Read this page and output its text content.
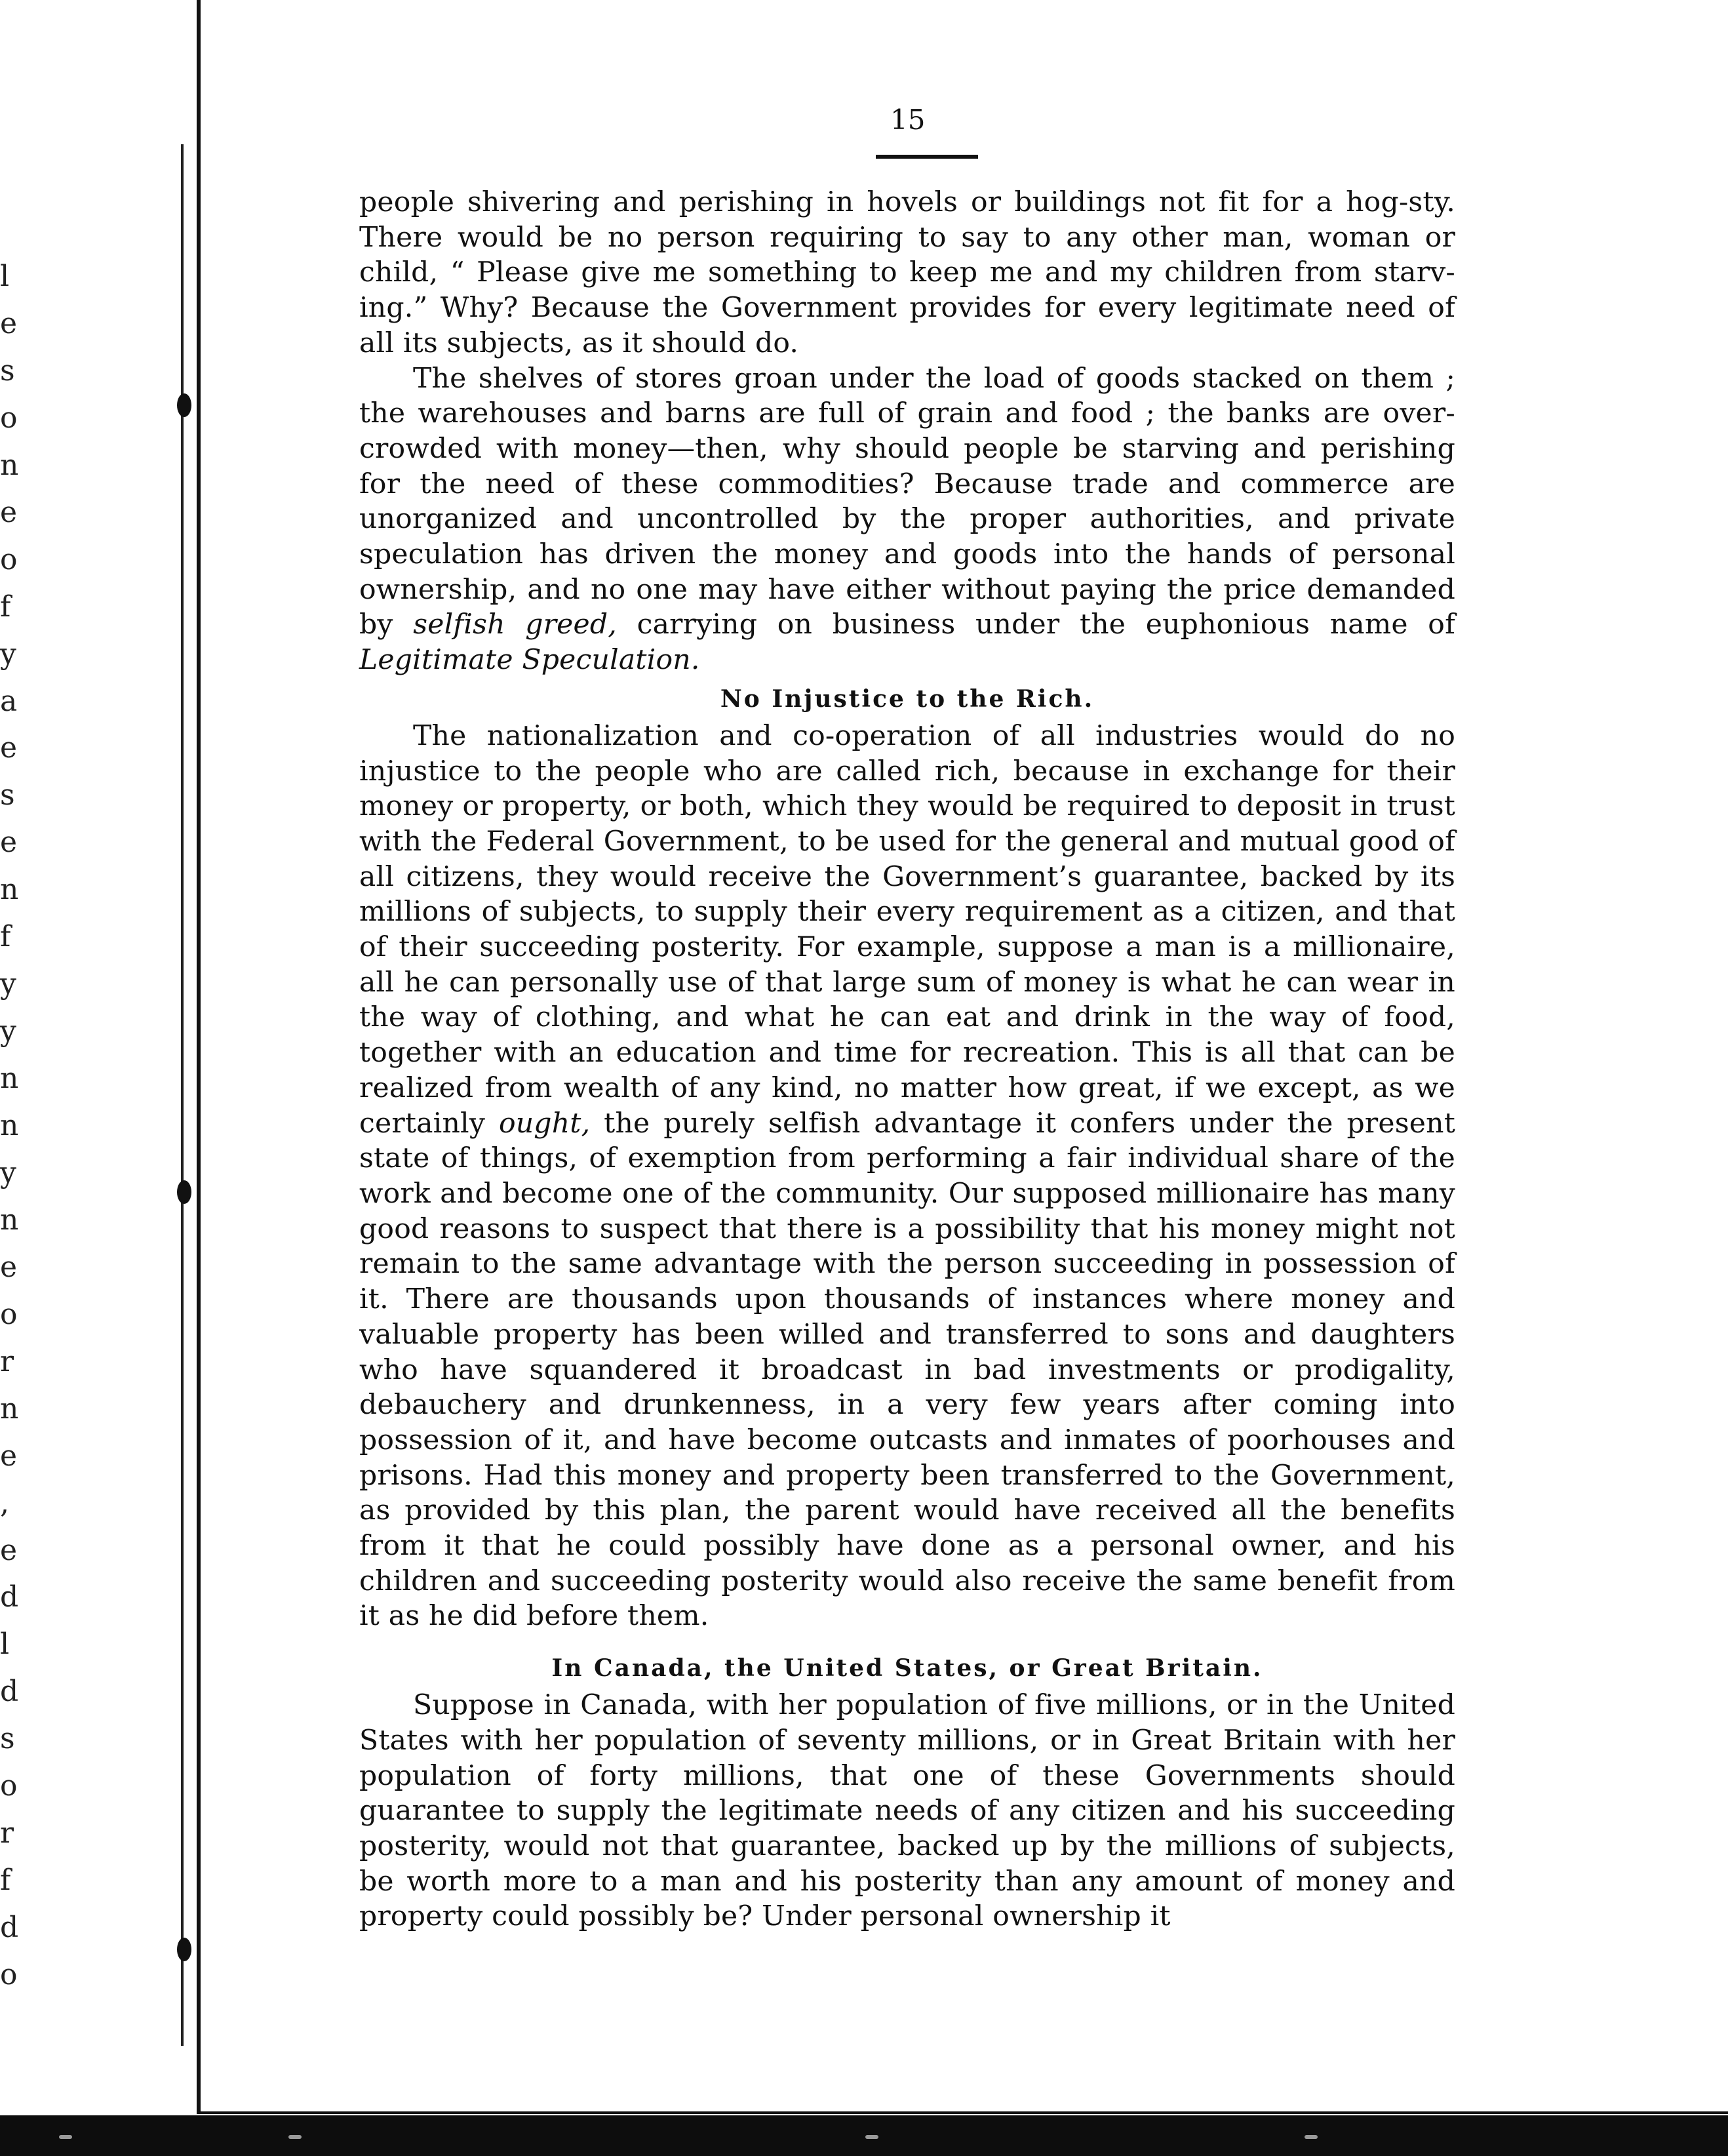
l
e
s
o
n
e
o
f
y
a
e
s
e
n
f
y
y
n
n
y
n
e
o
r
n
e
,
e
d
l
d
s
o
r
f
d
o
15

people shivering and perishing in hovels or buildings not fit for a hog-sty. There would be no person requiring to say to any other man, woman or child, “ Please give me something to keep me and my children from starv- ing.” Why? Because the Government provides for every legitimate need of all its subjects, as it should do.

The shelves of stores groan under the load of goods stacked on them ; the warehouses and barns are full of grain and food ; the banks are over- crowded with money—then, why should people be starving and perishing for the need of these commodities? Because trade and commerce are unorganized and uncontrolled by the proper authorities, and private speculation has driven the money and goods into the hands of personal ownership, and no one may have either without paying the price demanded by selfish greed, carrying on business under the euphonious name of Legitimate Speculation.

No Injustice to the Rich.

The nationalization and co-operation of all industries would do no injustice to the people who are called rich, because in exchange for their money or property, or both, which they would be required to deposit in trust with the Federal Government, to be used for the general and mutual good of all citizens, they would receive the Government’s guarantee, backed by its millions of subjects, to supply their every requirement as a citizen, and that of their succeeding posterity. For example, suppose a man is a millionaire, all he can personally use of that large sum of money is what he can wear in the way of clothing, and what he can eat and drink in the way of food, together with an education and time for recreation. This is all that can be realized from wealth of any kind, no matter how great, if we except, as we certainly ought, the purely selfish advantage it confers under the present state of things, of exemption from performing a fair individual share of the work and become one of the community. Our supposed millionaire has many good reasons to suspect that there is a possibility that his money might not remain to the same advantage with the person succeeding in possession of it. There are thousands upon thousands of instances where money and valuable property has been willed and transferred to sons and daughters who have squandered it broadcast in bad investments or prodigality, debauchery and drunkenness, in a very few years after coming into possession of it, and have become outcasts and inmates of poorhouses and prisons. Had this money and property been transferred to the Government, as provided by this plan, the parent would have received all the benefits from it that he could possibly have done as a personal owner, and his children and succeeding posterity would also receive the same benefit from it as he did before them.

In Canada, the United States, or Great Britain.

Suppose in Canada, with her population of five millions, or in the United States with her population of seventy millions, or in Great Britain with her population of forty millions, that one of these Governments should guarantee to supply the legitimate needs of any citizen and his succeeding posterity, would not that guarantee, backed up by the millions of subjects, be worth more to a man and his posterity than any amount of money and property could possibly be? Under personal ownership it
